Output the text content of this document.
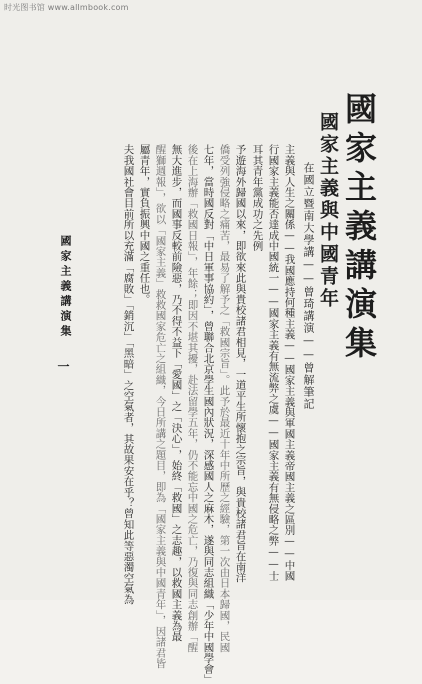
时光图书馆 www.allmbook.com
國家主義講演集
國家主義與中國青年
在國立暨南大學講——曾琦講演——曾解筆記
主義與人生之關係——我國應持何種主義——國家主義與軍國主義帝國主義之區別——中國
行國家主義能否達成中國統一——國家主義有無流弊之虞——國家主義有無侵略之弊——士
耳其青年黨成功之先例
予遊海外歸國以來，即欲來此與貴校諸君相見，一道平生所懷抱之宗旨，與貴校諸君旨在南洋
僑受列強侵略之痛苦，最易了解予之「救國宗旨」。此予於最近十年中所歷之經驗，第一次由日本歸國，民國
七年，當時國反對「中日軍事協約」，曾聯合北京學生國內狀況，深感國人之麻木，遂與同志組織「少年中國學會」
後在上海辦「救國日報」，年餘；即因不堪其擾，赴法留學五年，仍不能忘中國之危亡，乃復與同志創辦「醒
無大進步，而國事反較前險惡，乃不得不益下「愛國」之「決心」，始終「救國」之志趣，以救國主義為最
醒獅週報」，欲以「國家主義」救救國家危亡之組織，今日所講之題目，即為「國家主義與中國青年」，因諸君皆
屬青年，實負振興中國之重任也。
夫我國社會目前所以充滿「腐敗」「銷沉」「黑暗」之空氣者，其故果安在乎？曾知此等惡濁空氣為
國家主義講演集
一
